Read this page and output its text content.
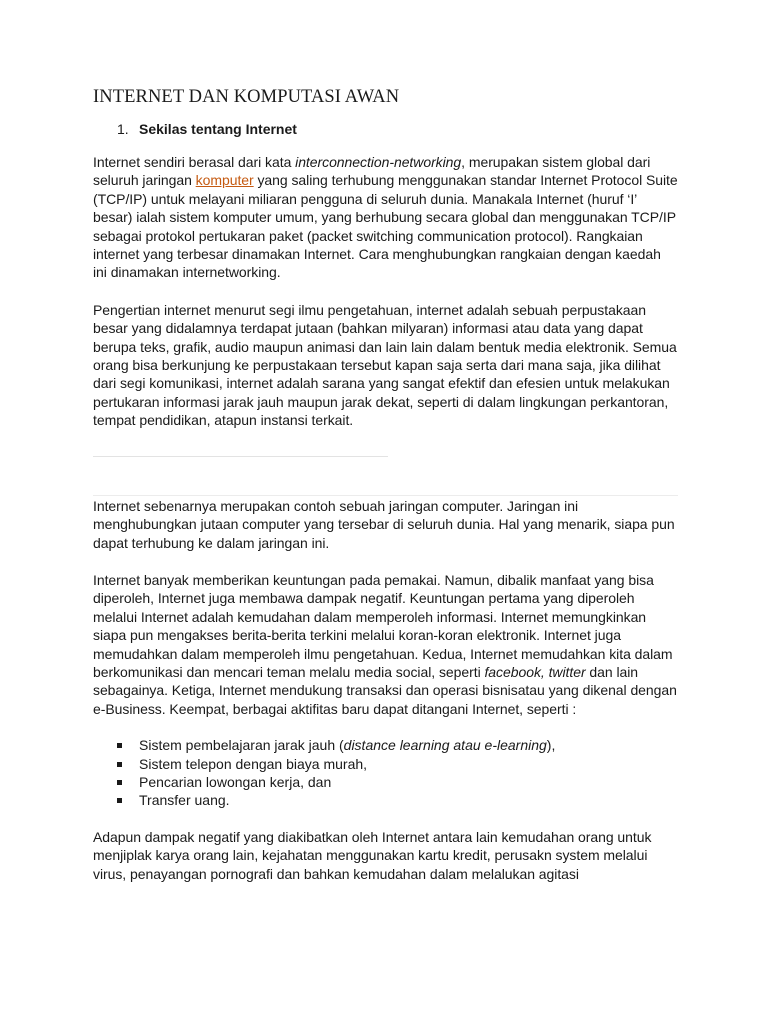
INTERNET DAN KOMPUTASI AWAN
1. Sekilas tentang Internet

Internet sendiri berasal dari kata interconnection-networking, merupakan sistem global dari seluruh jaringan komputer yang saling terhubung menggunakan standar Internet Protocol Suite (TCP/IP) untuk melayani miliaran pengguna di seluruh dunia. Manakala Internet (huruf ‘I’ besar) ialah sistem komputer umum, yang berhubung secara global dan menggunakan TCP/IP sebagai protokol pertukaran paket (packet switching communication protocol). Rangkaian internet yang terbesar dinamakan Internet. Cara menghubungkan rangkaian dengan kaedah ini dinamakan internetworking.

Pengertian internet menurut segi ilmu pengetahuan, internet adalah sebuah perpustakaan besar yang didalamnya terdapat jutaan (bahkan milyaran) informasi atau data yang dapat berupa teks, grafik, audio maupun animasi dan lain lain dalam bentuk media elektronik. Semua orang bisa berkunjung ke perpustakaan tersebut kapan saja serta dari mana saja, jika dilihat dari segi komunikasi, internet adalah sarana yang sangat efektif dan efesien untuk melakukan pertukaran informasi jarak jauh maupun jarak dekat, seperti di dalam lingkungan perkantoran, tempat pendidikan, atapun instansi terkait.

Internet sebenarnya merupakan contoh sebuah jaringan computer. Jaringan ini menghubungkan jutaan computer yang tersebar di seluruh dunia. Hal yang menarik, siapa pun dapat terhubung ke dalam jaringan ini.

Internet banyak memberikan keuntungan pada pemakai. Namun, dibalik manfaat yang bisa diperoleh, Internet juga membawa dampak negatif. Keuntungan pertama yang diperoleh melalui Internet adalah kemudahan dalam memperoleh informasi. Internet memungkinkan siapa pun mengakses berita-berita terkini melalui koran-koran elektronik. Internet juga memudahkan dalam memperoleh ilmu pengetahuan. Kedua, Internet memudahkan kita dalam berkomunikasi dan mencari teman melalu media social, seperti facebook, twitter dan lain sebagainya. Ketiga, Internet mendukung transaksi dan operasi bisnisatau yang dikenal dengan e-Business. Keempat, berbagai aktifitas baru dapat ditangani Internet, seperti :

Sistem pembelajaran jarak jauh (distance learning atau e-learning),
Sistem telepon dengan biaya murah,
Pencarian lowongan kerja, dan
Transfer uang.

Adapun dampak negatif yang diakibatkan oleh Internet antara lain kemudahan orang untuk menjiplak karya orang lain, kejahatan menggunakan kartu kredit, perusakn system melalui virus, penayangan pornografi dan bahkan kemudahan dalam melalukan agitasi
